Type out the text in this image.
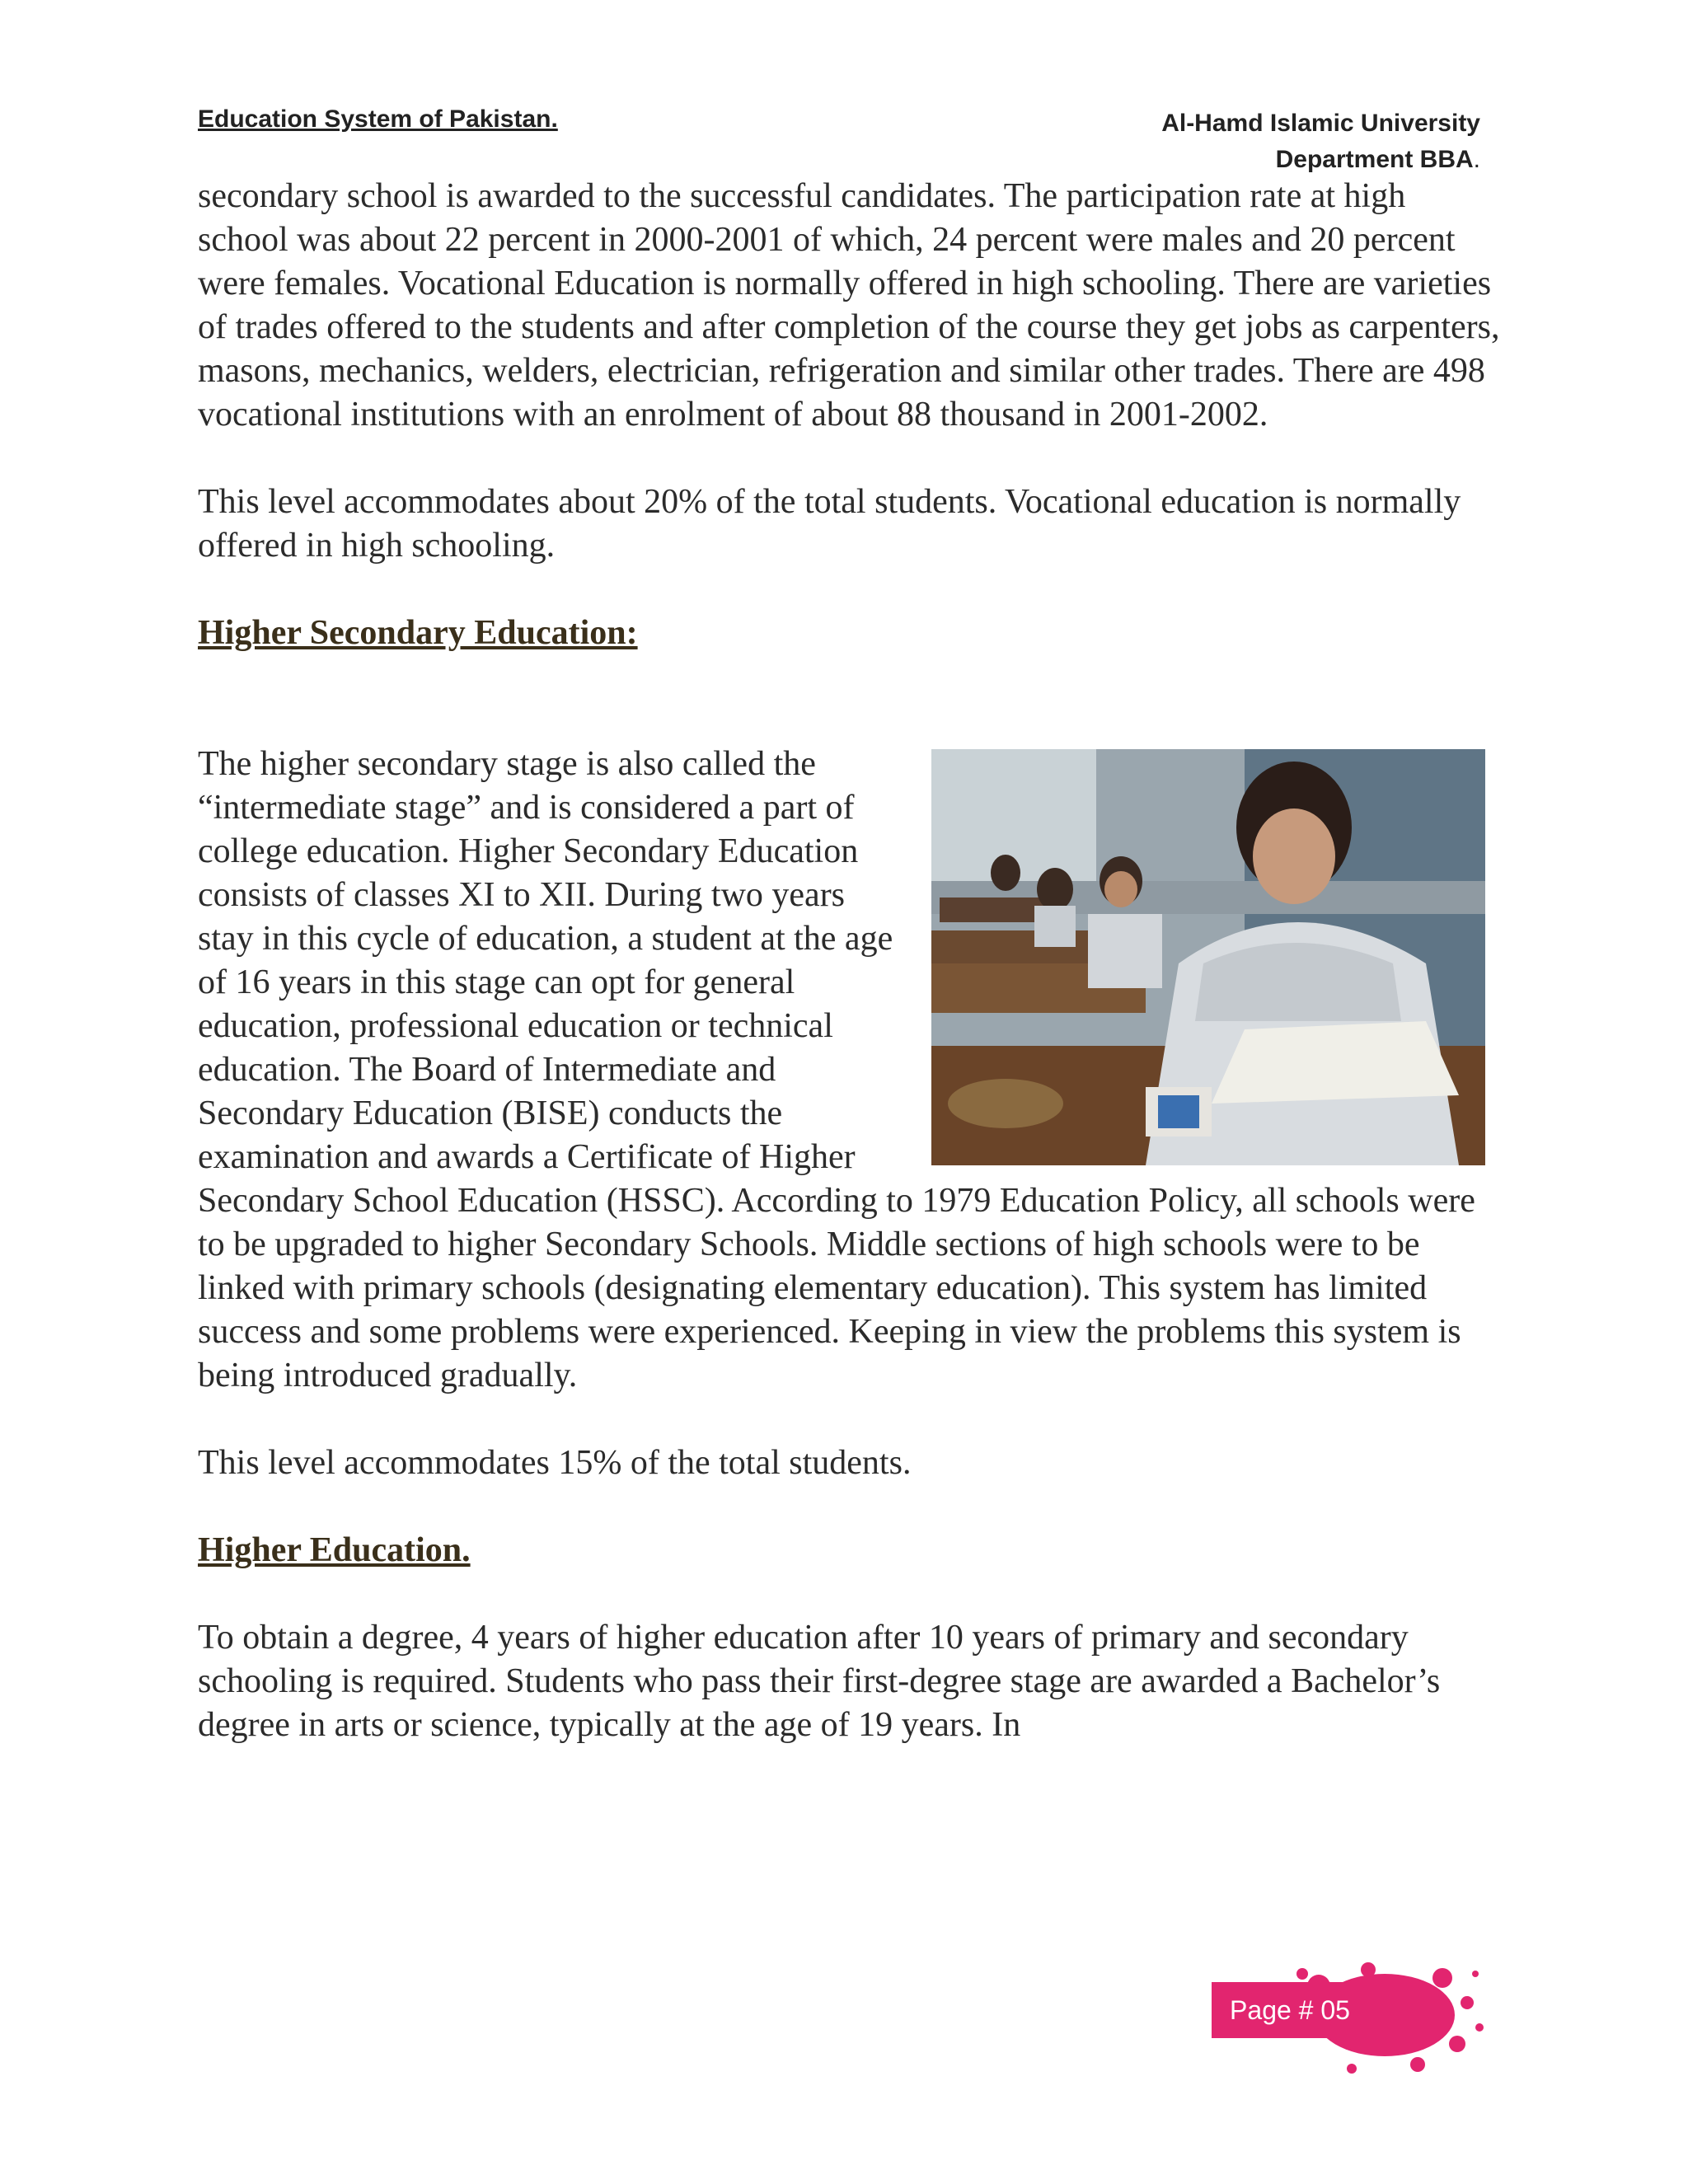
Education System of Pakistan.	Al-Hamd Islamic University
Department BBA.

secondary school is awarded to the successful candidates. The participation rate at high school was about 22 percent in 2000-2001 of which, 24 percent were males and 20 percent were females. Vocational Education is normally offered in high schooling. There are varieties of trades offered to the students and after completion of the course they get jobs as carpenters, masons, mechanics, welders, electrician, refrigeration and similar other trades. There are 498 vocational institutions with an enrolment of about 88 thousand in 2001-2002.

This level accommodates about 20% of the total students. Vocational education is normally offered in high schooling.

Higher Secondary Education:

The higher secondary stage is also called the “intermediate stage” and is considered a part of college education. Higher Secondary Education consists of classes XI to XII. During two years stay in this cycle of education, a student at the age of 16 years in this stage can opt for general education, professional education or technical education. The Board of Intermediate and Secondary Education (BISE) conducts the examination and awards a Certificate of Higher Secondary School Education (HSSC). According to 1979 Education Policy, all schools were to be upgraded to higher Secondary Schools. Middle sections of high schools were to be linked with primary schools (designating elementary education). This system has limited success and some problems were experienced. Keeping in view the problems this system is being introduced gradually.

This level accommodates 15% of the total students.

Higher Education.

To obtain a degree, 4 years of higher education after 10 years of primary and secondary schooling is required. Students who pass their first-degree stage are awarded a Bachelor’s degree in arts or science, typically at the age of 19 years. In

Page # 05
